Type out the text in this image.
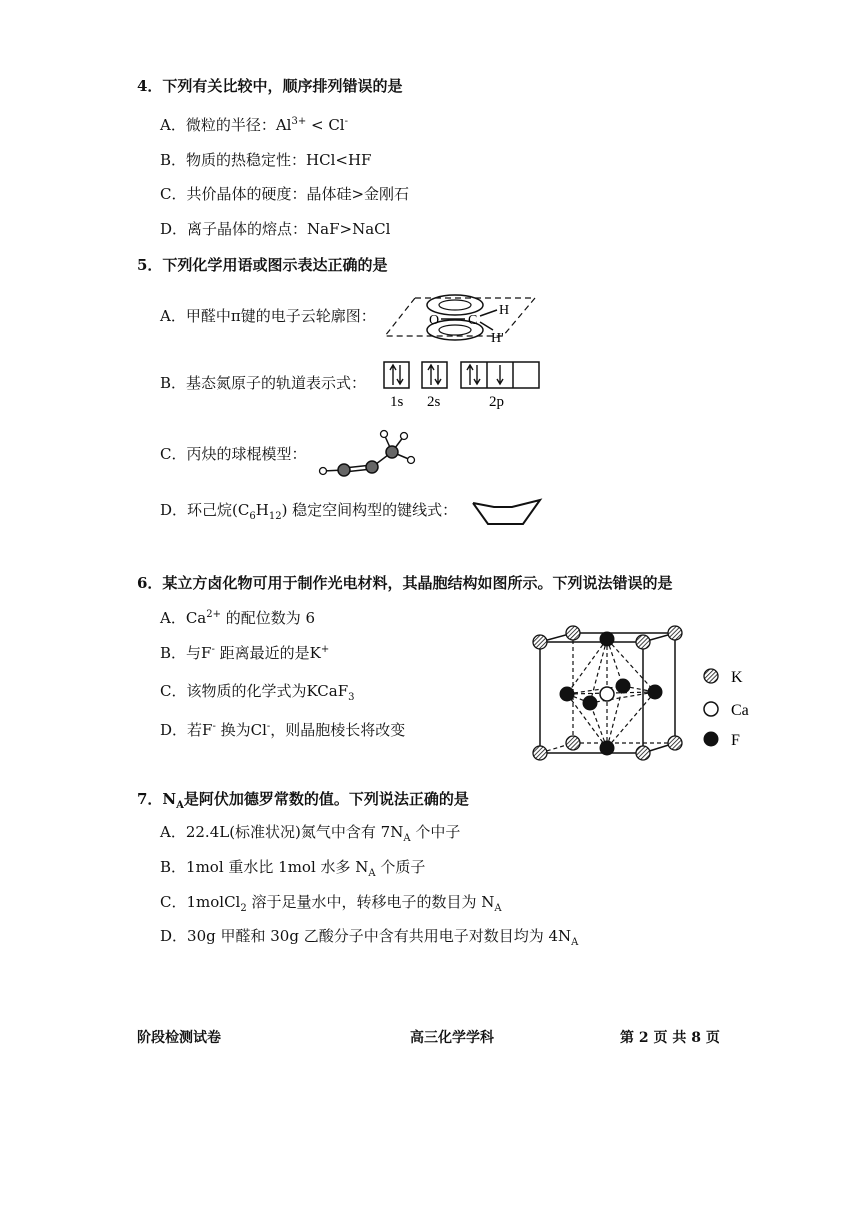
4．下列有关比较中，顺序排列错误的是
A．微粒的半径：$Al^{3+} < Cl^-$
B．物质的热稳定性：HCl<HF
C．共价晶体的硬度：晶体硅>金刚石
D．离子晶体的熔点：NaF>NaCl
5．下列化学用语或图示表达正确的是
A．甲醛中π键的电子云轮廓图：	O C
H
H'
B．基态氮原子的轨道表示式：
1s 2s	2p
C．丙炔的球棍模型：
D．环己烷$(C_6H_{12})$ 稳定空间构型的键线式：
6．某立方卤化物可用于制作光电材料，其晶胞结构如图所示。下列说法错误的是
A．$Ca^{2+}$ 的配位数为 6
B．与F- 距离最近的是K+
C．该物质的化学式为KCaF$_3$
D．若F- 换为Cl-，则晶胞棱长将改变
K
Ca
F
7．$N_A$是阿伏加德罗常数的值。下列说法正确的是
A．22.4L(标准状况)氮气中含有 $7N_A$ 个中子
B．1mol 重水比 1mol 水多 $N_A$ 个质子
C．1molCl$_2$ 溶于足量水中，转移电子的数目为 $N_A$
D．30g 甲醛和 30g 乙酸分子中含有共用电子对数目均为 $4N_A$
阶段检测试卷	高三化学学科	第 2 页 共 8 页
